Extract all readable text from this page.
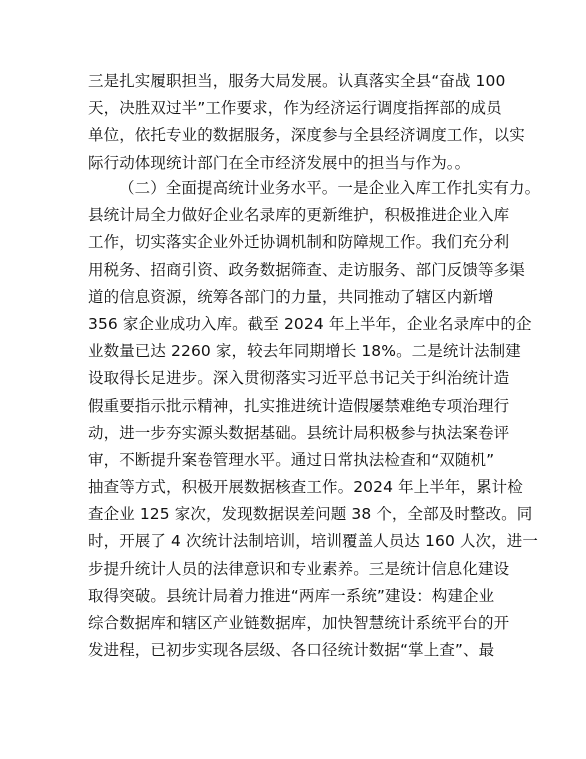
三是扎实履职担当，服务大局发展。认真落实全县“奋战 100
天，决胜双过半”工作要求，作为经济运行调度指挥部的成员
单位，依托专业的数据服务，深度参与全县经济调度工作，以实
际行动体现统计部门在全市经济发展中的担当与作为。。
（二）全面提高统计业务水平。一是企业入库工作扎实有力。
县统计局全力做好企业名录库的更新维护，积极推进企业入库
工作，切实落实企业外迁协调机制和防障规工作。我们充分利
用税务、招商引资、政务数据筛查、走访服务、部门反馈等多渠
道的信息资源，统筹各部门的力量，共同推动了辖区内新增
356 家企业成功入库。截至 2024 年上半年，企业名录库中的企
业数量已达 2260 家，较去年同期增长 18%。二是统计法制建
设取得长足进步。深入贯彻落实习近平总书记关于纠治统计造
假重要指示批示精神，扎实推进统计造假屡禁难绝专项治理行
动，进一步夯实源头数据基础。县统计局积极参与执法案卷评
审，不断提升案卷管理水平。通过日常执法检查和“双随机”
抽查等方式，积极开展数据核查工作。2024 年上半年，累计检
查企业 125 家次，发现数据误差问题 38 个，全部及时整改。同
时，开展了 4 次统计法制培训，培训覆盖人员达 160 人次，进一
步提升统计人员的法律意识和专业素养。三是统计信息化建设
取得突破。县统计局着力推进“两库一系统”建设：构建企业
综合数据库和辖区产业链数据库，加快智慧统计系统平台的开
发进程，已初步实现各层级、各口径统计数据“掌上查”、最
